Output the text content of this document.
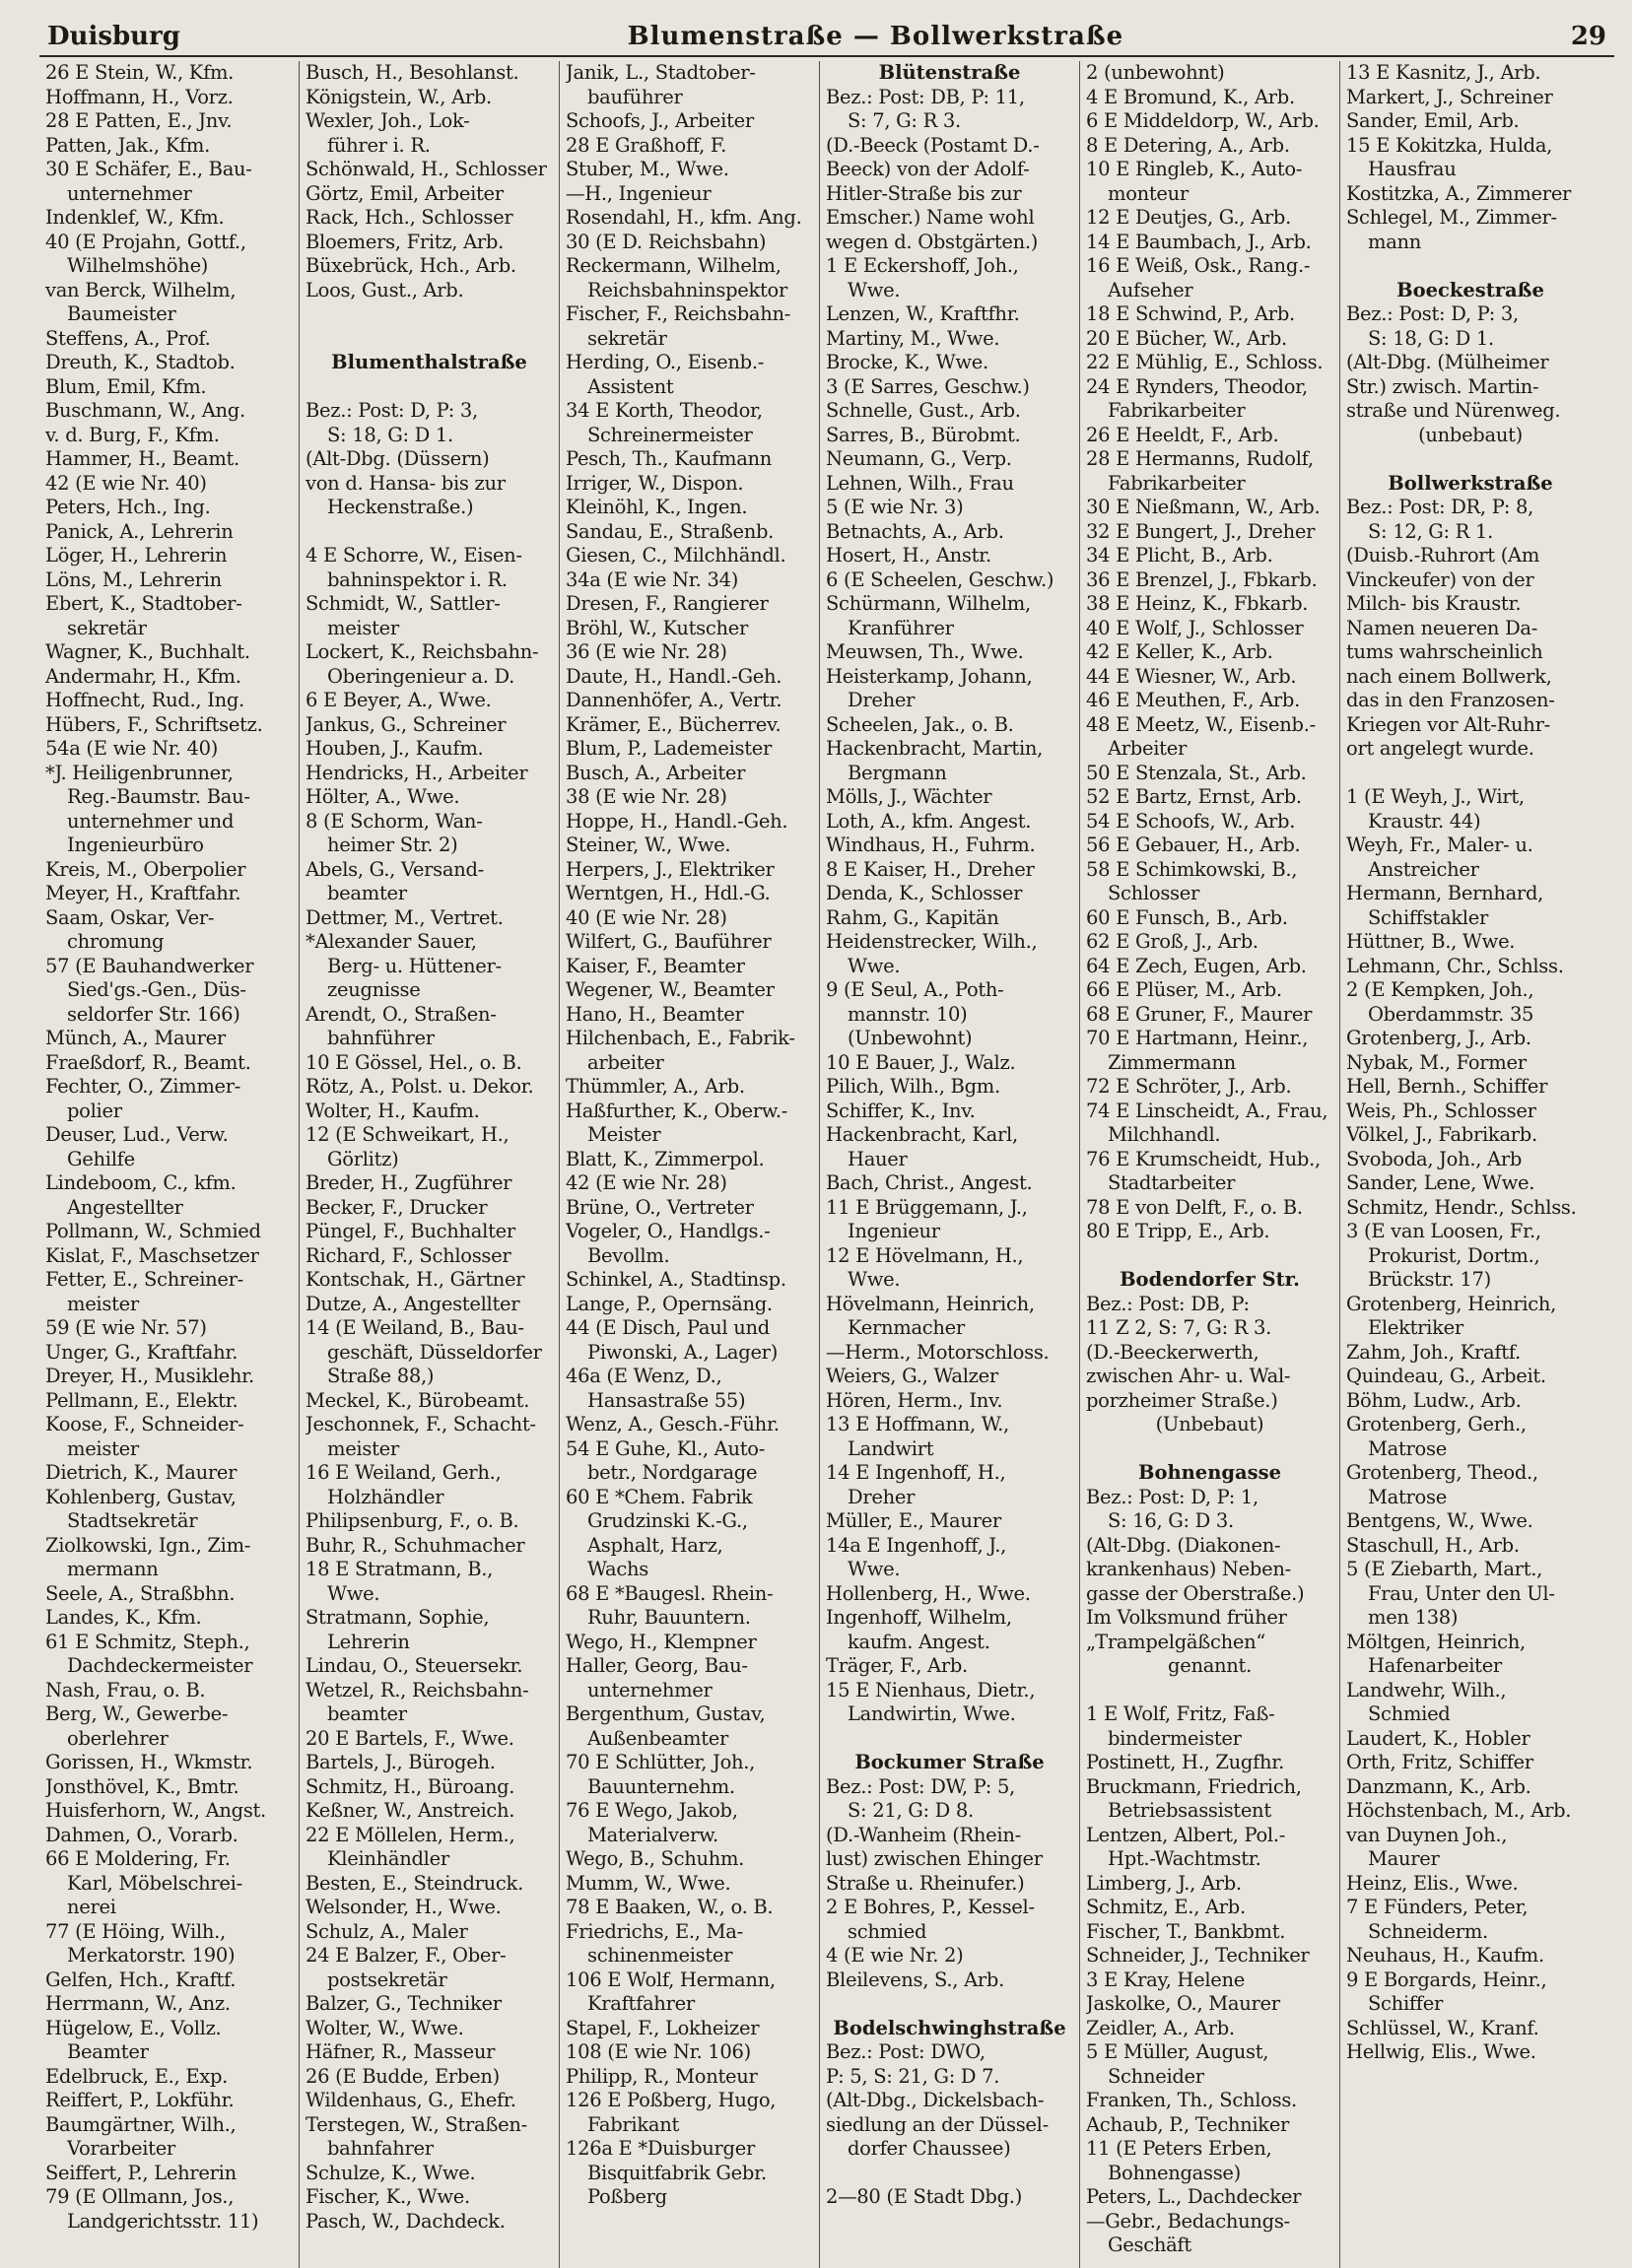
Duisburg	Blumenstraße — Bollwerkstraße	29
26 E Stein, W., Kfm.
Hoffmann, H., Vorz.
28 E Patten, E., Jnv.
Patten, Jak., Kfm.
30 E Schäfer, E., Bau-
unternehmer
Indenklef, W., Kfm.
40 (E Projahn, Gottf.,
Wilhelmshöhe)
van Berck, Wilhelm,
Baumeister
Steffens, A., Prof.
Dreuth, K., Stadtob.
Blum, Emil, Kfm.
Buschmann, W., Ang.
v. d. Burg, F., Kfm.
Hammer, H., Beamt.
42 (E wie Nr. 40)
Peters, Hch., Ing.
Panick, A., Lehrerin
Löger, H., Lehrerin
Löns, M., Lehrerin
Ebert, K., Stadtober-
sekretär
Wagner, K., Buchhalt.
Andermahr, H., Kfm.
Hoffnecht, Rud., Ing.
Hübers, F., Schriftsetz.
54a (E wie Nr. 40)
*J. Heiligenbrunner,
Reg.-Baumstr. Bau-
unternehmer und
Ingenieurbüro
Kreis, M., Oberpolier
Meyer, H., Kraftfahr.
Saam, Oskar, Ver-
chromung
57 (E Bauhandwerker
Sied'gs.-Gen., Düs-
seldorfer Str. 166)
Münch, A., Maurer
Fraeßdorf, R., Beamt.
Fechter, O., Zimmer-
polier
Deuser, Lud., Verw.
Gehilfe
Lindeboom, C., kfm.
Angestellter
Pollmann, W., Schmied
Kislat, F., Maschsetzer
Fetter, E., Schreiner-
meister
59 (E wie Nr. 57)
Unger, G., Kraftfahr.
Dreyer, H., Musiklehr.
Pellmann, E., Elektr.
Koose, F., Schneider-
meister
Dietrich, K., Maurer
Kohlenberg, Gustav,
Stadtsekretär
Ziolkowski, Ign., Zim-
mermann
Seele, A., Straßbhn.
Landes, K., Kfm.
61 E Schmitz, Steph.,
Dachdeckermeister
Nash, Frau, o. B.
Berg, W., Gewerbe-
oberlehrer
Gorissen, H., Wkmstr.
Jonsthövel, K., Bmtr.
Huisferhorn, W., Angst.
Dahmen, O., Vorarb.
66 E Moldering, Fr.
Karl, Möbelschrei-
nerei
77 (E Höing, Wilh.,
Merkatorstr. 190)
Gelfen, Hch., Kraftf.
Herrmann, W., Anz.
Hügelow, E., Vollz.
Beamter
Edelbruck, E., Exp.
Reiffert, P., Lokführ.
Baumgärtner, Wilh.,
Vorarbeiter
Seiffert, P., Lehrerin
79 (E Ollmann, Jos.,
Landgerichtsstr. 11)
Busch, H., Besohlanst.
Königstein, W., Arb.
Wexler, Joh., Lok-
führer i. R.
Schönwald, H., Schlosser
Görtz, Emil, Arbeiter
Rack, Hch., Schlosser
Bloemers, Fritz, Arb.
Büxebrück, Hch., Arb.
Loos, Gust., Arb.
Blumenthalstraße
Bez.: Post: D, P: 3,
S: 18, G: D 1.
(Alt-Dbg. (Düssern)
von d. Hansa- bis zur
Heckenstraße.)
4 E Schorre, W., Eisen-
bahninspektor i. R.
Schmidt, W., Sattler-
meister
Lockert, K., Reichsbahn-
Oberingenieur a. D.
6 E Beyer, A., Wwe.
Jankus, G., Schreiner
Houben, J., Kaufm.
Hendricks, H., Arbeiter
Hölter, A., Wwe.
8 (E Schorm, Wan-
heimer Str. 2)
Abels, G., Versand-
beamter
Dettmer, M., Vertret.
*Alexander Sauer,
Berg- u. Hüttener-
zeugnisse
Arendt, O., Straßen-
bahnführer
10 E Gössel, Hel., o. B.
Rötz, A., Polst. u. Dekor.
Wolter, H., Kaufm.
12 (E Schweikart, H.,
Görlitz)
Breder, H., Zugführer
Becker, F., Drucker
Püngel, F., Buchhalter
Richard, F., Schlosser
Kontschak, H., Gärtner
Dutze, A., Angestellter
14 (E Weiland, B., Bau-
geschäft, Düsseldorfer
Straße 88,)
Meckel, K., Bürobeamt.
Jeschonnek, F., Schacht-
meister
16 E Weiland, Gerh.,
Holzhändler
Philipsenburg, F., o. B.
Buhr, R., Schuhmacher
18 E Stratmann, B.,
Wwe.
Stratmann, Sophie,
Lehrerin
Lindau, O., Steuersekr.
Wetzel, R., Reichsbahn-
beamter
20 E Bartels, F., Wwe.
Bartels, J., Bürogeh.
Schmitz, H., Büroang.
Keßner, W., Anstreich.
22 E Möllelen, Herm.,
Kleinhändler
Besten, E., Steindruck.
Welsonder, H., Wwe.
Schulz, A., Maler
24 E Balzer, F., Ober-
postsekretär
Balzer, G., Techniker
Wolter, W., Wwe.
Häfner, R., Masseur
26 (E Budde, Erben)
Wildenhaus, G., Ehefr.
Terstegen, W., Straßen-
bahnfahrer
Schulze, K., Wwe.
Fischer, K., Wwe.
Pasch, W., Dachdeck.
Janik, L., Stadtober-
bauführer
Schoofs, J., Arbeiter
28 E Graßhoff, F.
Stuber, M., Wwe.
—H., Ingenieur
Rosendahl, H., kfm. Ang.
30 (E D. Reichsbahn)
Reckermann, Wilhelm,
Reichsbahninspektor
Fischer, F., Reichsbahn-
sekretär
Herding, O., Eisenb.-
Assistent
34 E Korth, Theodor,
Schreinermeister
Pesch, Th., Kaufmann
Irriger, W., Dispon.
Kleinöhl, K., Ingen.
Sandau, E., Straßenb.
Giesen, C., Milchhändl.
34a (E wie Nr. 34)
Dresen, F., Rangierer
Bröhl, W., Kutscher
36 (E wie Nr. 28)
Daute, H., Handl.-Geh.
Dannenhöfer, A., Vertr.
Krämer, E., Bücherrev.
Blum, P., Lademeister
Busch, A., Arbeiter
38 (E wie Nr. 28)
Hoppe, H., Handl.-Geh.
Steiner, W., Wwe.
Herpers, J., Elektriker
Werntgen, H., Hdl.-G.
40 (E wie Nr. 28)
Wilfert, G., Bauführer
Kaiser, F., Beamter
Wegener, W., Beamter
Hano, H., Beamter
Hilchenbach, E., Fabrik-
arbeiter
Thümmler, A., Arb.
Haßfurther, K., Oberw.-
Meister
Blatt, K., Zimmerpol.
42 (E wie Nr. 28)
Brüne, O., Vertreter
Vogeler, O., Handlgs.-
Bevollm.
Schinkel, A., Stadtinsp.
Lange, P., Opernsäng.
44 (E Disch, Paul und
Piwonski, A., Lager)
46a (E Wenz, D.,
Hansastraße 55)
Wenz, A., Gesch.-Führ.
54 E Guhe, Kl., Auto-
betr., Nordgarage
60 E *Chem. Fabrik
Grudzinski K.-G.,
Asphalt, Harz,
Wachs
68 E *Baugesl. Rhein-
Ruhr, Bauuntern.
Wego, H., Klempner
Haller, Georg, Bau-
unternehmer
Bergenthum, Gustav,
Außenbeamter
70 E Schlütter, Joh.,
Bauunternehm.
76 E Wego, Jakob,
Materialverw.
Wego, B., Schuhm.
Mumm, W., Wwe.
78 E Baaken, W., o. B.
Friedrichs, E., Ma-
schinenmeister
106 E Wolf, Hermann,
Kraftfahrer
Stapel, F., Lokheizer
108 (E wie Nr. 106)
Philipp, R., Monteur
126 E Poßberg, Hugo,
Fabrikant
126a E *Duisburger
Bisquitfabrik Gebr.
Poßberg
Blütenstraße
Bez.: Post: DB, P: 11,
S: 7, G: R 3.
(D.-Beeck (Postamt D.-
Beeck) von der Adolf-
Hitler-Straße bis zur
Emscher.) Name wohl
wegen d. Obstgärten.)
1 E Eckershoff, Joh.,
Wwe.
Lenzen, W., Kraftfhr.
Martiny, M., Wwe.
Brocke, K., Wwe.
3 (E Sarres, Geschw.)
Schnelle, Gust., Arb.
Sarres, B., Bürobmt.
Neumann, G., Verp.
Lehnen, Wilh., Frau
5 (E wie Nr. 3)
Betnachts, A., Arb.
Hosert, H., Anstr.
6 (E Scheelen, Geschw.)
Schürmann, Wilhelm,
Kranführer
Meuwsen, Th., Wwe.
Heisterkamp, Johann,
Dreher
Scheelen, Jak., o. B.
Hackenbracht, Martin,
Bergmann
Mölls, J., Wächter
Loth, A., kfm. Angest.
Windhaus, H., Fuhrm.
8 E Kaiser, H., Dreher
Denda, K., Schlosser
Rahm, G., Kapitän
Heidenstrecker, Wilh.,
Wwe.
9 (E Seul, A., Poth-
mannstr. 10)
(Unbewohnt)
10 E Bauer, J., Walz.
Pilich, Wilh., Bgm.
Schiffer, K., Inv.
Hackenbracht, Karl,
Hauer
Bach, Christ., Angest.
11 E Brüggemann, J.,
Ingenieur
12 E Hövelmann, H.,
Wwe.
Hövelmann, Heinrich,
Kernmacher
—Herm., Motorschloss.
Weiers, G., Walzer
Hören, Herm., Inv.
13 E Hoffmann, W.,
Landwirt
14 E Ingenhoff, H.,
Dreher
Müller, E., Maurer
14a E Ingenhoff, J.,
Wwe.
Hollenberg, H., Wwe.
Ingenhoff, Wilhelm,
kaufm. Angest.
Träger, F., Arb.
15 E Nienhaus, Dietr.,
Landwirtin, Wwe.
Bockumer Straße
Bez.: Post: DW, P: 5,
S: 21, G: D 8.
(D.-Wanheim (Rhein-
lust) zwischen Ehinger
Straße u. Rheinufer.)
2 E Bohres, P., Kessel-
schmied
4 (E wie Nr. 2)
Bleilevens, S., Arb.
Bodelschwinghstraße
Bez.: Post: DWO,
P: 5, S: 21, G: D 7.
(Alt-Dbg., Dickelsbach-
siedlung an der Düssel-
dorfer Chaussee)
2—80 (E Stadt Dbg.)
2 (unbewohnt)
4 E Bromund, K., Arb.
6 E Middeldorp, W., Arb.
8 E Detering, A., Arb.
10 E Ringleb, K., Auto-
monteur
12 E Deutjes, G., Arb.
14 E Baumbach, J., Arb.
16 E Weiß, Osk., Rang.-
Aufseher
18 E Schwind, P., Arb.
20 E Bücher, W., Arb.
22 E Mühlig, E., Schloss.
24 E Rynders, Theodor,
Fabrikarbeiter
26 E Heeldt, F., Arb.
28 E Hermanns, Rudolf,
Fabrikarbeiter
30 E Nießmann, W., Arb.
32 E Bungert, J., Dreher
34 E Plicht, B., Arb.
36 E Brenzel, J., Fbkarb.
38 E Heinz, K., Fbkarb.
40 E Wolf, J., Schlosser
42 E Keller, K., Arb.
44 E Wiesner, W., Arb.
46 E Meuthen, F., Arb.
48 E Meetz, W., Eisenb.-
Arbeiter
50 E Stenzala, St., Arb.
52 E Bartz, Ernst, Arb.
54 E Schoofs, W., Arb.
56 E Gebauer, H., Arb.
58 E Schimkowski, B.,
Schlosser
60 E Funsch, B., Arb.
62 E Groß, J., Arb.
64 E Zech, Eugen, Arb.
66 E Plüser, M., Arb.
68 E Gruner, F., Maurer
70 E Hartmann, Heinr.,
Zimmermann
72 E Schröter, J., Arb.
74 E Linscheidt, A., Frau,
Milchhandl.
76 E Krumscheidt, Hub.,
Stadtarbeiter
78 E von Delft, F., o. B.
80 E Tripp, E., Arb.
Bodendorfer Str.
Bez.: Post: DB, P:
11 Z 2, S: 7, G: R 3.
(D.-Beeckerwerth,
zwischen Ahr- u. Wal-
porzheimer Straße.)
(Unbebaut)
Bohnengasse
Bez.: Post: D, P: 1,
S: 16, G: D 3.
(Alt-Dbg. (Diakonen-
krankenhaus) Neben-
gasse der Oberstraße.)
Im Volksmund früher
„Trampelgäßchen“
genannt.
1 E Wolf, Fritz, Faß-
bindermeister
Postinett, H., Zugfhr.
Bruckmann, Friedrich,
Betriebsassistent
Lentzen, Albert, Pol.-
Hpt.-Wachtmstr.
Limberg, J., Arb.
Schmitz, E., Arb.
Fischer, T., Bankbmt.
Schneider, J., Techniker
3 E Kray, Helene
Jaskolke, O., Maurer
Zeidler, A., Arb.
5 E Müller, August,
Schneider
Franken, Th., Schloss.
Achaub, P., Techniker
11 (E Peters Erben,
Bohnengasse)
Peters, L., Dachdecker
—Gebr., Bedachungs-
Geschäft
13 E Kasnitz, J., Arb.
Markert, J., Schreiner
Sander, Emil, Arb.
15 E Kokitzka, Hulda,
Hausfrau
Kostitzka, A., Zimmerer
Schlegel, M., Zimmer-
mann
Boeckestraße
Bez.: Post: D, P: 3,
S: 18, G: D 1.
(Alt-Dbg. (Mülheimer
Str.) zwisch. Martin-
straße und Nürenweg.
(unbebaut)
Bollwerkstraße
Bez.: Post: DR, P: 8,
S: 12, G: R 1.
(Duisb.-Ruhrort (Am
Vinckeufer) von der
Milch- bis Kraustr.
Namen neueren Da-
tums wahrscheinlich
nach einem Bollwerk,
das in den Franzosen-
Kriegen vor Alt-Ruhr-
ort angelegt wurde.
1 (E Weyh, J., Wirt,
Kraustr. 44)
Weyh, Fr., Maler- u.
Anstreicher
Hermann, Bernhard,
Schiffstakler
Hüttner, B., Wwe.
Lehmann, Chr., Schlss.
2 (E Kempken, Joh.,
Oberdammstr. 35
Grotenberg, J., Arb.
Nybak, M., Former
Hell, Bernh., Schiffer
Weis, Ph., Schlosser
Völkel, J., Fabrikarb.
Svoboda, Joh., Arb
Sander, Lene, Wwe.
Schmitz, Hendr., Schlss.
3 (E van Loosen, Fr.,
Prokurist, Dortm.,
Brückstr. 17)
Grotenberg, Heinrich,
Elektriker
Zahm, Joh., Kraftf.
Quindeau, G., Arbeit.
Böhm, Ludw., Arb.
Grotenberg, Gerh.,
Matrose
Grotenberg, Theod.,
Matrose
Bentgens, W., Wwe.
Staschull, H., Arb.
5 (E Ziebarth, Mart.,
Frau, Unter den Ul-
men 138)
Möltgen, Heinrich,
Hafenarbeiter
Landwehr, Wilh.,
Schmied
Laudert, K., Hobler
Orth, Fritz, Schiffer
Danzmann, K., Arb.
Höchstenbach, M., Arb.
van Duynen Joh.,
Maurer
Heinz, Elis., Wwe.
7 E Fünders, Peter,
Schneiderm.
Neuhaus, H., Kaufm.
9 E Borgards, Heinr.,
Schiffer
Schlüssel, W., Kranf.
Hellwig, Elis., Wwe.
